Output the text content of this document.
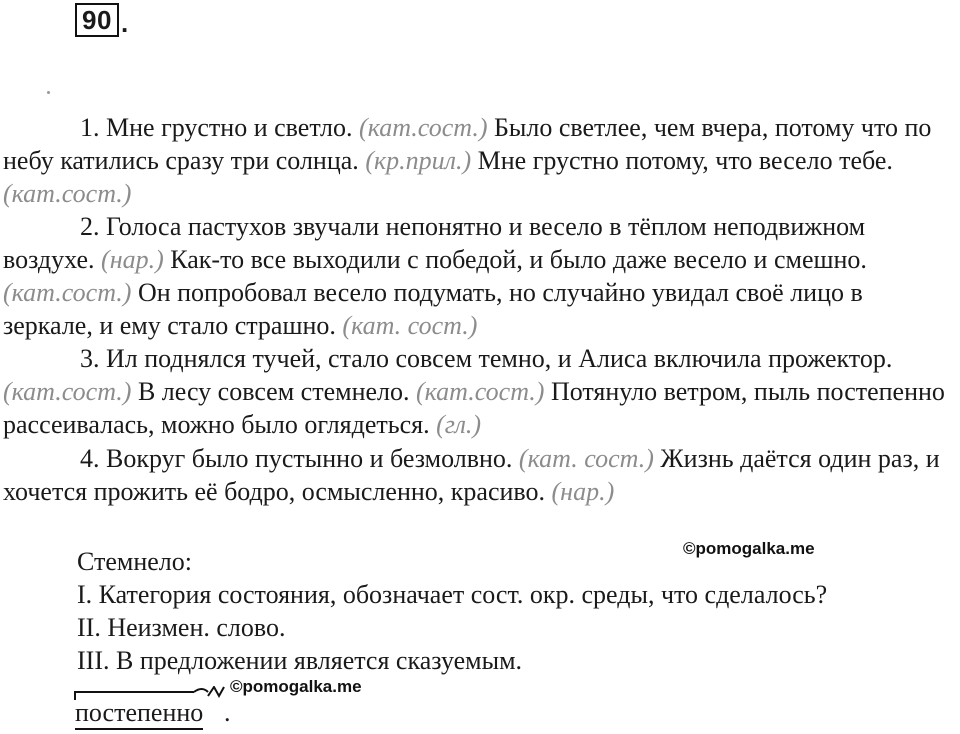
90 .

1. Мне грустно и светло. (кат.сост.) Было светлее, чем вчера, потому что по небу катились сразу три солнца. (кр.прил.) Мне грустно потому, что весело тебе. (кат.сост.)

2. Голоса пастухов звучали непонятно и весело в тёплом неподвижном воздухе. (нар.) Как-то все выходили с победой, и было даже весело и смешно. (кат.сост.) Он попробовал весело подумать, но случайно увидал своё лицо в зеркале, и ему стало страшно. (кат. сост.)

3. Ил поднялся тучей, стало совсем темно, и Алиса включила прожектор. (кат.сост.) В лесу совсем стемнело. (кат.сост.) Потянуло ветром, пыль постепенно рассеивалась, можно было оглядеться. (гл.)

4. Вокруг было пустынно и безмолвно. (кат. сост.) Жизнь даётся один раз, и хочется прожить её бодро, осмысленно, красиво. (нар.)

Стемнело:
I. Категория состояния, обозначает сост. окр. среды, что сделалось?
II. Неизмен. слово.
III. В предложении является сказуемым.
©pomogalka.me
©pomogalka.me
постепенно .
